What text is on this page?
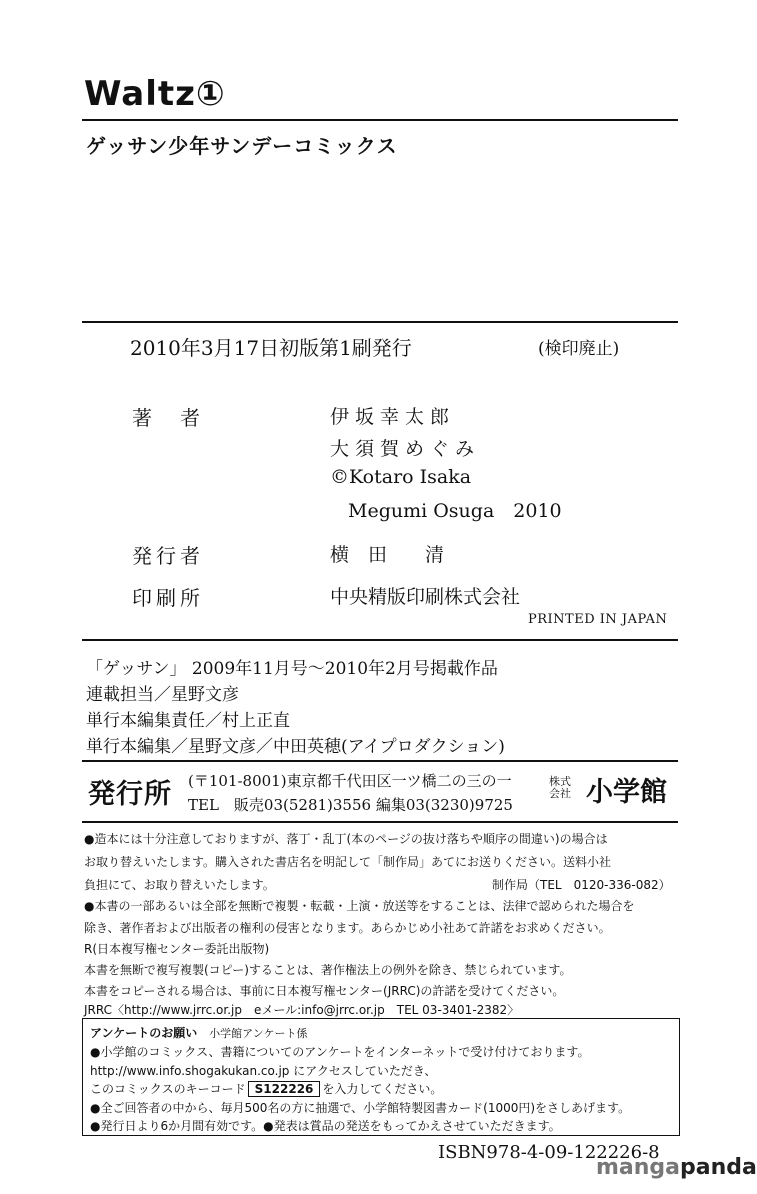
Waltz①
ゲッサン少年サンデーコミックス
2010年3月17日初版第1刷発行	(検印廃止)
著　者	伊坂幸太郎
大須賀めぐみ
©Kotaro Isaka
Megumi Osuga　2010
発行者	横　田　　清
印刷所	中央精版印刷株式会社
PRINTED IN JAPAN
「ゲッサン」 2009年11月号～2010年2月号掲載作品
連載担当／星野文彦
単行本編集責任／村上正直
単行本編集／星野文彦／中田英穂(アイプロダクション)
発行所 (〒101-8001)東京都千代田区一ツ橋二の三の一
TEL　販売03(5281)3556 編集03(3230)9725
株式会社 小学館
●造本には十分注意しておりますが、落丁・乱丁(本のページの抜け落ちや順序の間違い)の場合は
お取り替えいたします。購入された書店名を明記して「制作局」あてにお送りください。送料小社
負担にて、お取り替えいたします。	制作局（TEL　0120-336-082）
●本書の一部あるいは全部を無断で複製・転載・上演・放送等をすることは、法律で認められた場合を
除き、著作者および出版者の権利の侵害となります。あらかじめ小社あて許諾をお求めください。
R(日本複写権センター委託出版物)
本書を無断で複写複製(コピー)することは、著作権法上の例外を除き、禁じられています。
本書をコピーされる場合は、事前に日本複写権センター(JRRC)の許諾を受けてください。
JRRC〈http://www.jrrc.or.jp　eメール:info@jrrc.or.jp　TEL 03-3401-2382〉
アンケートのお願い 小学館アンケート係
●小学館のコミックス、書籍についてのアンケートをインターネットで受け付けております。
http://www.info.shogakukan.co.jp にアクセスしていただき、
このコミックスのキーコード S122226 を入力してください。
●全ご回答者の中から、毎月500名の方に抽選で、小学館特製図書カード(1000円)をさしあげます。
●発行日より6か月間有効です。●発表は賞品の発送をもってかえさせていただきます。
ISBN978-4-09-122226-8
mangapanda
